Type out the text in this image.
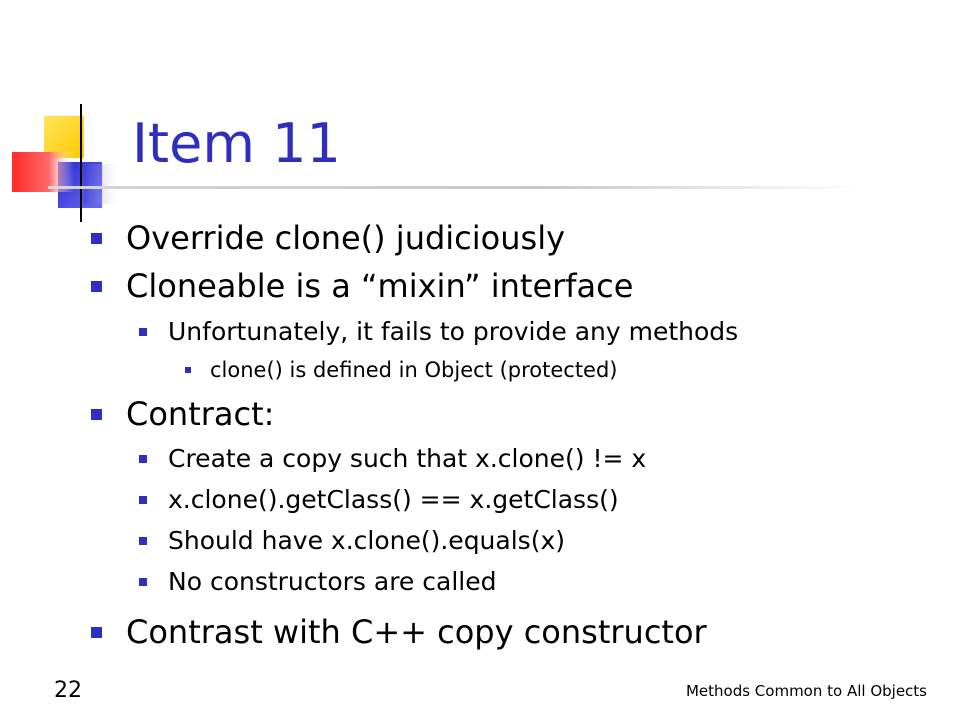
Item 11
Override clone() judiciously
Cloneable is a “mixin” interface
Unfortunately, it fails to provide any methods
clone() is defined in Object (protected)
Contract:
Create a copy such that x.clone() != x
x.clone().getClass() == x.getClass()
Should have x.clone().equals(x)
No constructors are called
Contrast with C++ copy constructor
22	Methods Common to All Objects
